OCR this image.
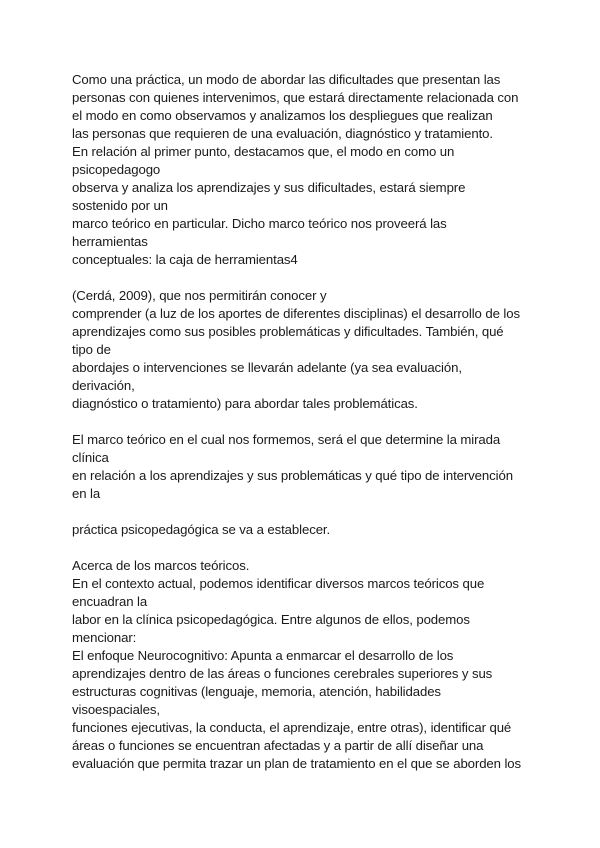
Como una práctica, un modo de abordar las dificultades que presentan las
personas con quienes intervenimos, que estará directamente relacionada con
el modo en como observamos y analizamos los despliegues que realizan
las personas que requieren de una evaluación, diagnóstico y tratamiento.
En relación al primer punto, destacamos que, el modo en como un
psicopedagogo
observa y analiza los aprendizajes y sus dificultades, estará siempre
sostenido por un
marco teórico en particular. Dicho marco teórico nos proveerá las
herramientas
conceptuales: la caja de herramientas4
(Cerdá, 2009), que nos permitirán conocer y
comprender (a luz de los aportes de diferentes disciplinas) el desarrollo de los
aprendizajes como sus posibles problemáticas y dificultades. También, qué
tipo de
abordajes o intervenciones se llevarán adelante (ya sea evaluación,
derivación,
diagnóstico o tratamiento) para abordar tales problemáticas.
El marco teórico en el cual nos formemos, será el que determine la mirada
clínica
en relación a los aprendizajes y sus problemáticas y qué tipo de intervención
en la
práctica psicopedagógica se va a establecer.
Acerca de los marcos teóricos.
En el contexto actual, podemos identificar diversos marcos teóricos que
encuadran la
labor en la clínica psicopedagógica. Entre algunos de ellos, podemos
mencionar:
El enfoque Neurocognitivo: Apunta a enmarcar el desarrollo de los
aprendizajes dentro de las áreas o funciones cerebrales superiores y sus
estructuras cognitivas (lenguaje, memoria, atención, habilidades
visoespaciales,
funciones ejecutivas, la conducta, el aprendizaje, entre otras), identificar qué
áreas o funciones se encuentran afectadas y a partir de allí diseñar una
evaluación que permita trazar un plan de tratamiento en el que se aborden los
